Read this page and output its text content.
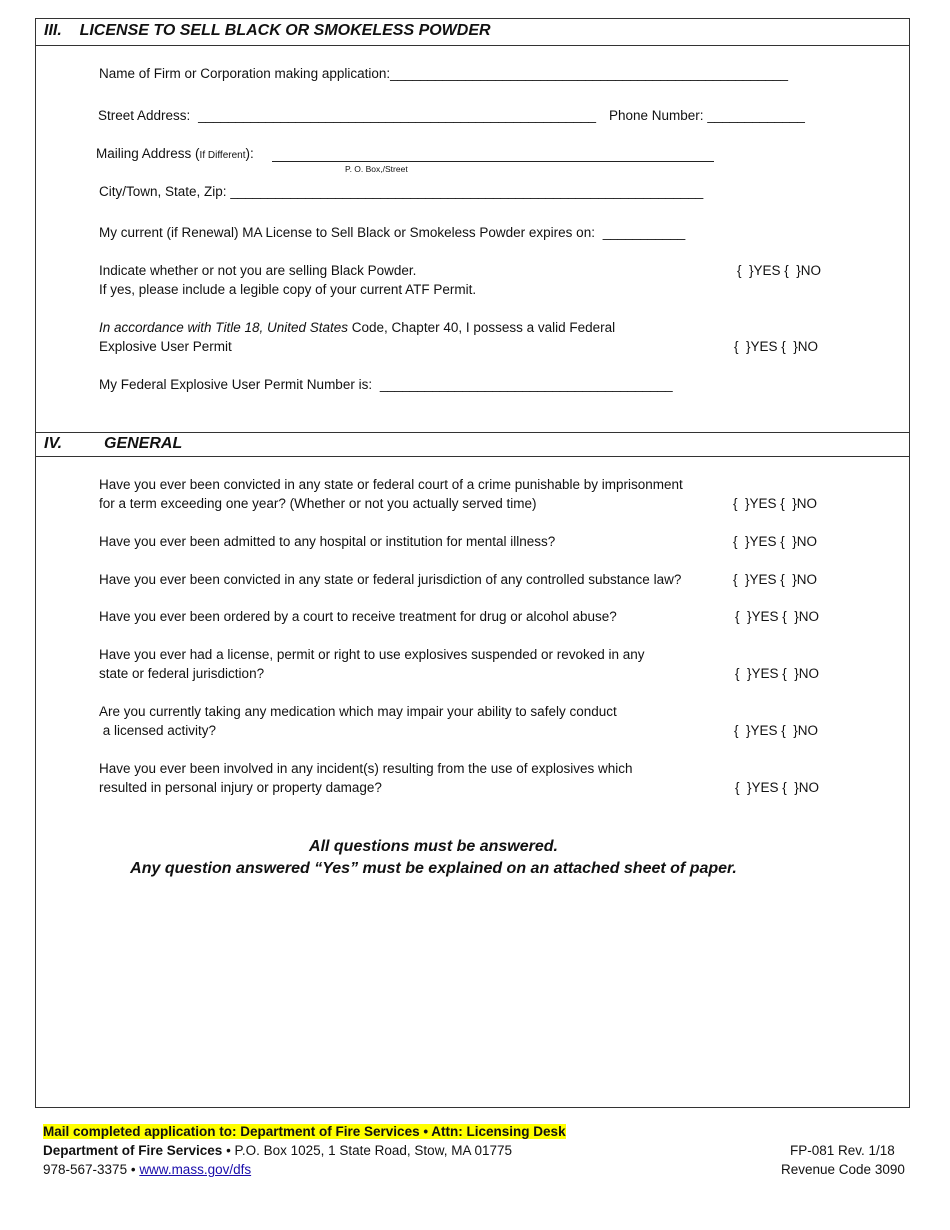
III.    LICENSE TO SELL BLACK OR SMOKELESS POWDER
Name of Firm or Corporation making application:_____________________________________________________
Street Address: _____________________________________________________ Phone Number: _____________
Mailing Address (If Different):
P. O. Box,/Street
City/Town, State, Zip: _______________________________________________________________
My current (if Renewal) MA License to Sell Black or Smokeless Powder expires on: ___________
Indicate whether or not you are selling Black Powder.
If yes, please include a legible copy of your current ATF Permit.
{  }YES {  }NO
In accordance with Title 18, United States Code, Chapter 40, I possess a valid Federal
Explosive User Permit	{  }YES {  }NO
My Federal Explosive User Permit Number is: _______________________________________
IV.	GENERAL
Have you ever been convicted in any state or federal court of a crime punishable by imprisonment
for a term exceeding one year? (Whether or not you actually served time)	{  }YES {  }NO
Have you ever been admitted to any hospital or institution for mental illness?	{  }YES {  }NO
Have you ever been convicted in any state or federal jurisdiction of any controlled substance law?	{  }YES {  }NO
Have you ever been ordered by a court to receive treatment for drug or alcohol abuse?	{  }YES {  }NO
Have you ever had a license, permit or right to use explosives suspended or revoked in any
state or federal jurisdiction?	{  }YES {  }NO
Are you currently taking any medication which may impair your ability to safely conduct
a licensed activity?	{  }YES {  }NO
Have you ever been involved in any incident(s) resulting from the use of explosives which
resulted in personal injury or property damage?	{  }YES {  }NO
All questions must be answered.
Any question answered “Yes” must be explained on an attached sheet of paper.
Mail completed application to: Department of Fire Services • Attn: Licensing Desk
Department of Fire Services • P.O. Box 1025, 1 State Road, Stow, MA 01775
978-567-3375 • www.mass.gov/dfs
FP-081 Rev. 1/18
Revenue Code 3090
